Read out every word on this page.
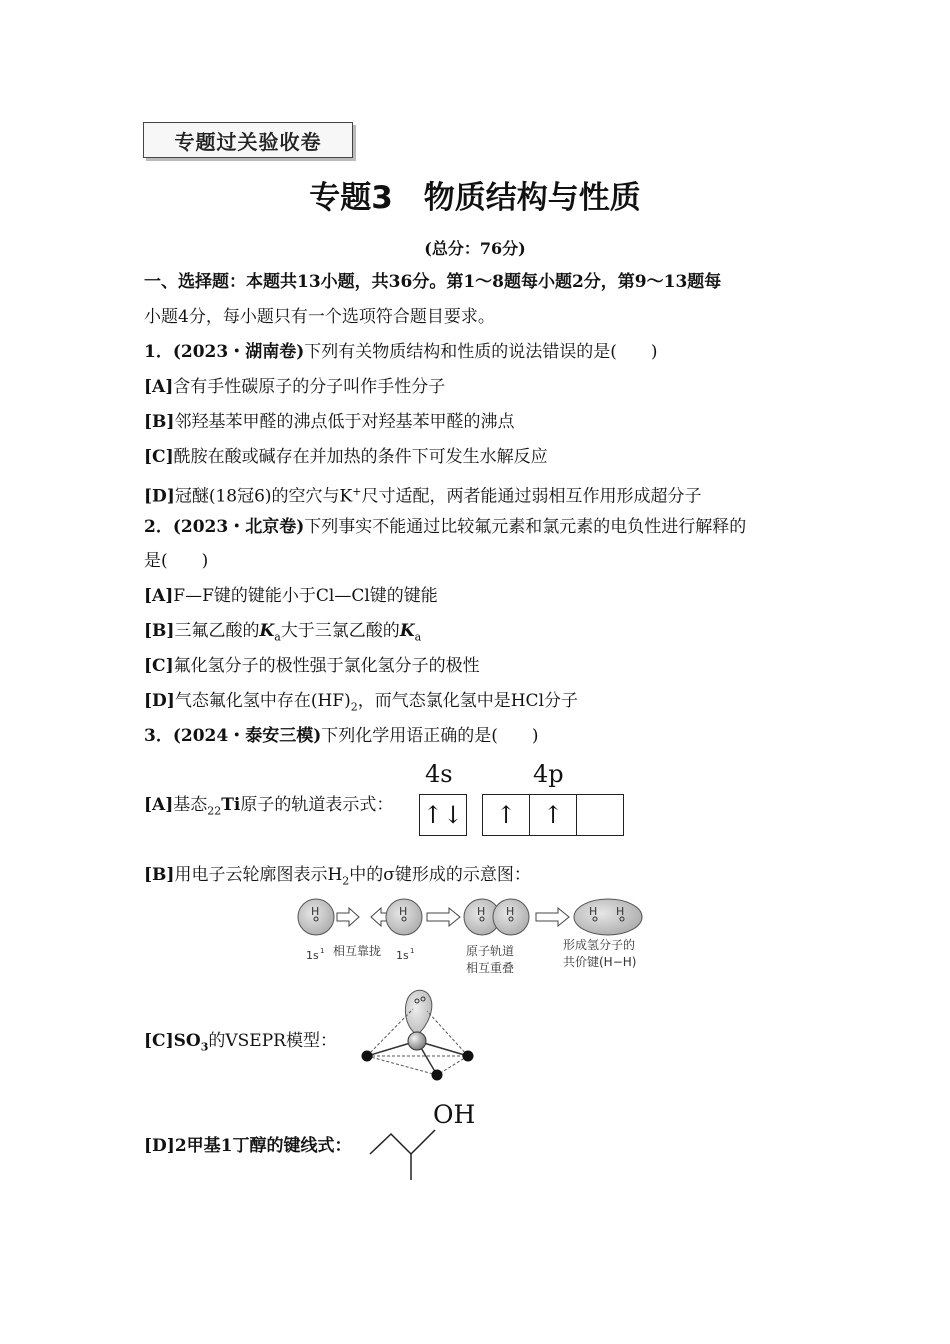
专题过关验收卷
专题3　物质结构与性质
(总分：76分)
一、选择题：本题共13小题，共36分。第1～8题每小题2分，第9～13题每
小题4分，每小题只有一个选项符合题目要求。
1．(2023・湖南卷)下列有关物质结构和性质的说法错误的是(　　)
[A]含有手性碳原子的分子叫作手性分子
[B]邻羟基苯甲醛的沸点低于对羟基苯甲醛的沸点
[C]酰胺在酸或碱存在并加热的条件下可发生水解反应
[D]冠醚(18冠6)的空穴与K+尺寸适配，两者能通过弱相互作用形成超分子
2．(2023・北京卷)下列事实不能通过比较氟元素和氯元素的电负性进行解释的
是(　　)
[A]F—F键的键能小于Cl—Cl键的键能
[B]三氟乙酸的$K_a$大于三氯乙酸的$K_a$
[C]氟化氢分子的极性强于氯化氢分子的极性
[D]气态氟化氢中存在$(HF)_2$，而气态氯化氢中是HCl分子
3．(2024・泰安三模)下列化学用语正确的是(　　)
[A]基态$_{22}$Ti原子的轨道表示式：
4s	4p
↑↓	↑	↑
[B]用电子云轮廓图表示$H_2$中的σ键形成的示意图：
H	H	H H	H H
1s 1 相互靠拢 1s 1	原子轨道
相互重叠
形成氢分子的
共价键(H−H)
$[C]SO_3$的VSEPR模型：
[D]2甲基1丁醇的键线式：
OH
